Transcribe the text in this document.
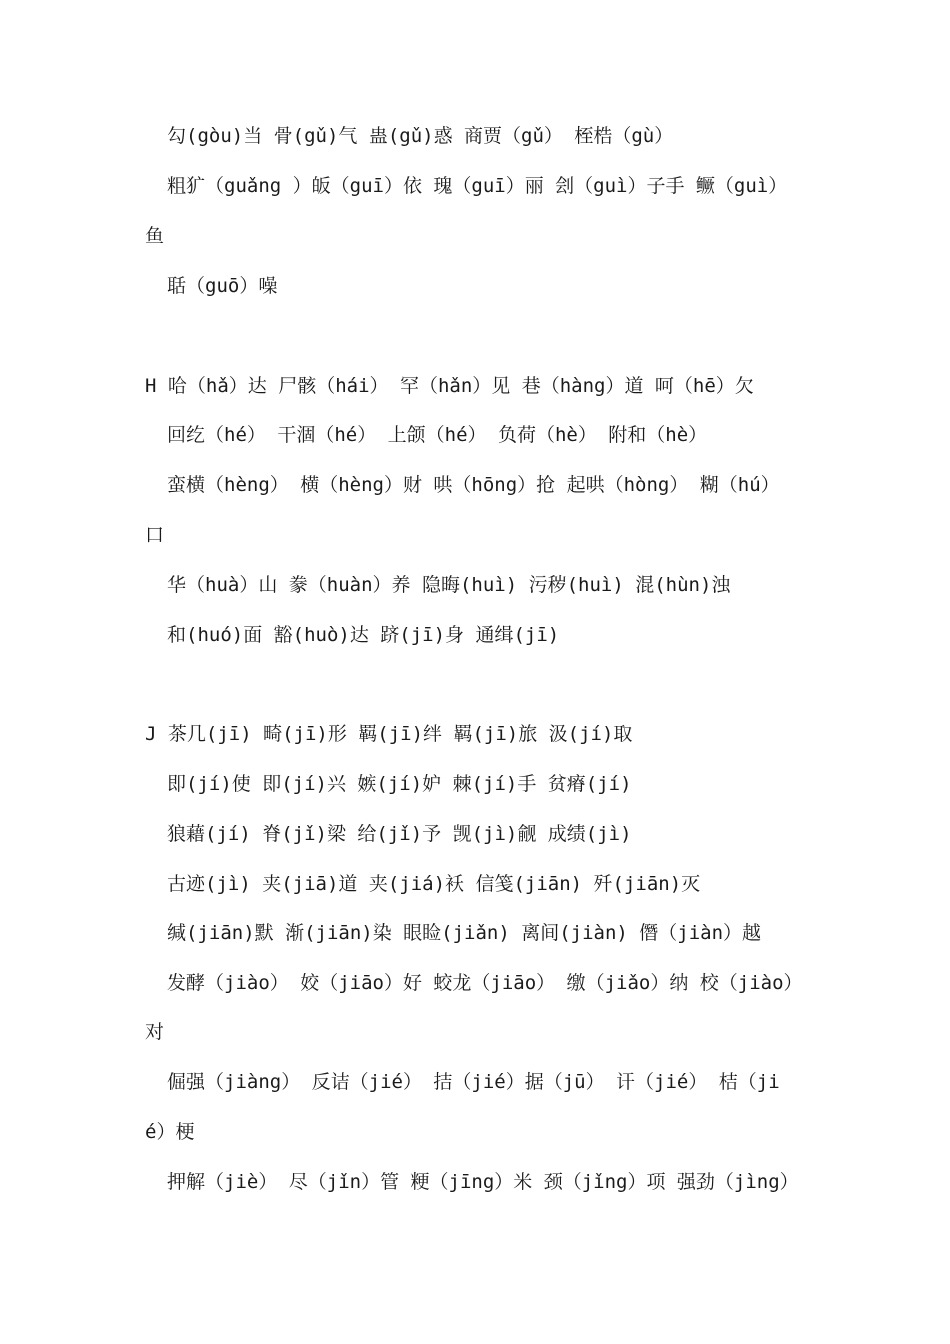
勾(gòu)当 骨(gǔ)气 蛊(gǔ)惑 商贾（gǔ） 桎梏（gù）
粗犷（guǎng ）皈（guī）依 瑰（guī）丽 刽（guì）子手 鳜（guì）
鱼
聒（guō）噪
H 哈（hǎ）达 尸骸（hái） 罕（hǎn）见 巷（hàng）道 呵（hē）欠
回纥（hé） 干涸（hé） 上颌（hé） 负荷（hè） 附和（hè）
蛮横（hèng） 横（hèng）财 哄（hōng）抢 起哄（hòng） 糊（hú）
口
华（huà）山 豢（huàn）养 隐晦(huì) 污秽(huì) 混(hùn)浊
和(huó)面 豁(huò)达 跻(jī)身 通缉(jī)
J 茶几(jī) 畸(jī)形 羁(jī)绊 羁(jī)旅 汲(jí)取
即(jí)使 即(jí)兴 嫉(jí)妒 棘(jí)手 贫瘠(jí)
狼藉(jí) 脊(jǐ)梁 给(jǐ)予 觊(jì)觎 成绩(jì)
古迹(jì) 夹(jiā)道 夹(jiá)袄 信笺(jiān) 歼(jiān)灭
缄(jiān)默 渐(jiān)染 眼睑(jiǎn) 离间(jiàn) 僭（jiàn）越
发酵（jiào） 姣（jiāo）好 蛟龙（jiāo） 缴（jiǎo）纳 校（jiào）
对
倔强（jiàng） 反诘（jié） 拮（jié）据（jū） 讦（jié） 桔（ji
é）梗
押解（jiè） 尽（jǐn）管 粳（jīng）米 颈（jǐng）项 强劲（jìng）
